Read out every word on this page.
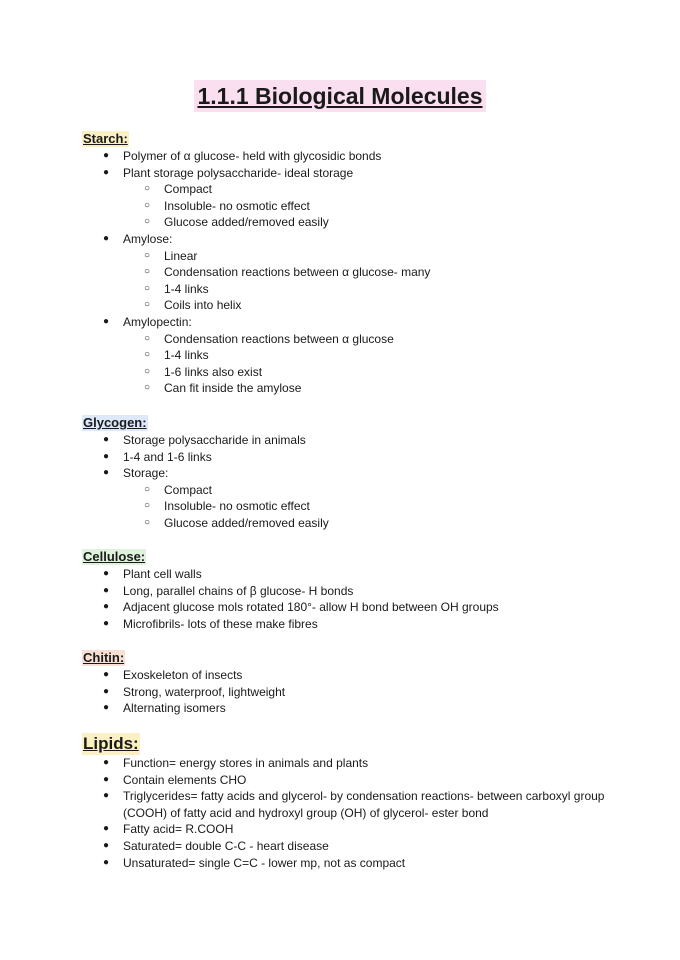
1.1.1 Biological Molecules
Starch:
●	Polymer of α glucose- held with glycosidic bonds
●	Plant storage polysaccharide- ideal storage
○	Compact
○	Insoluble- no osmotic effect
○	Glucose added/removed easily
●	Amylose:
○	Linear
○	Condensation reactions between α glucose- many
○	1-4 links
○	Coils into helix
●	Amylopectin:
○	Condensation reactions between α glucose
○	1-4 links
○	1-6 links also exist
○	Can fit inside the amylose
Glycogen:
●	Storage polysaccharide in animals
●	1-4 and 1-6 links
●	Storage:
○	Compact
○	Insoluble- no osmotic effect
○	Glucose added/removed easily
Cellulose:
●	Plant cell walls
●	Long, parallel chains of β glucose- H bonds
●	Adjacent glucose mols rotated 180°- allow H bond between OH groups
●	Microfibrils- lots of these make fibres
Chitin:
●	Exoskeleton of insects
●	Strong, waterproof, lightweight
●	Alternating isomers
Lipids:
●	Function= energy stores in animals and plants
●	Contain elements CHO
●	Triglycerides= fatty acids and glycerol- by condensation reactions- between carboxyl group (COOH) of fatty acid and hydroxyl group (OH) of glycerol- ester bond
●	Fatty acid= R.COOH
●	Saturated= double C-C - heart disease
●	Unsaturated= single C=C - lower mp, not as compact
